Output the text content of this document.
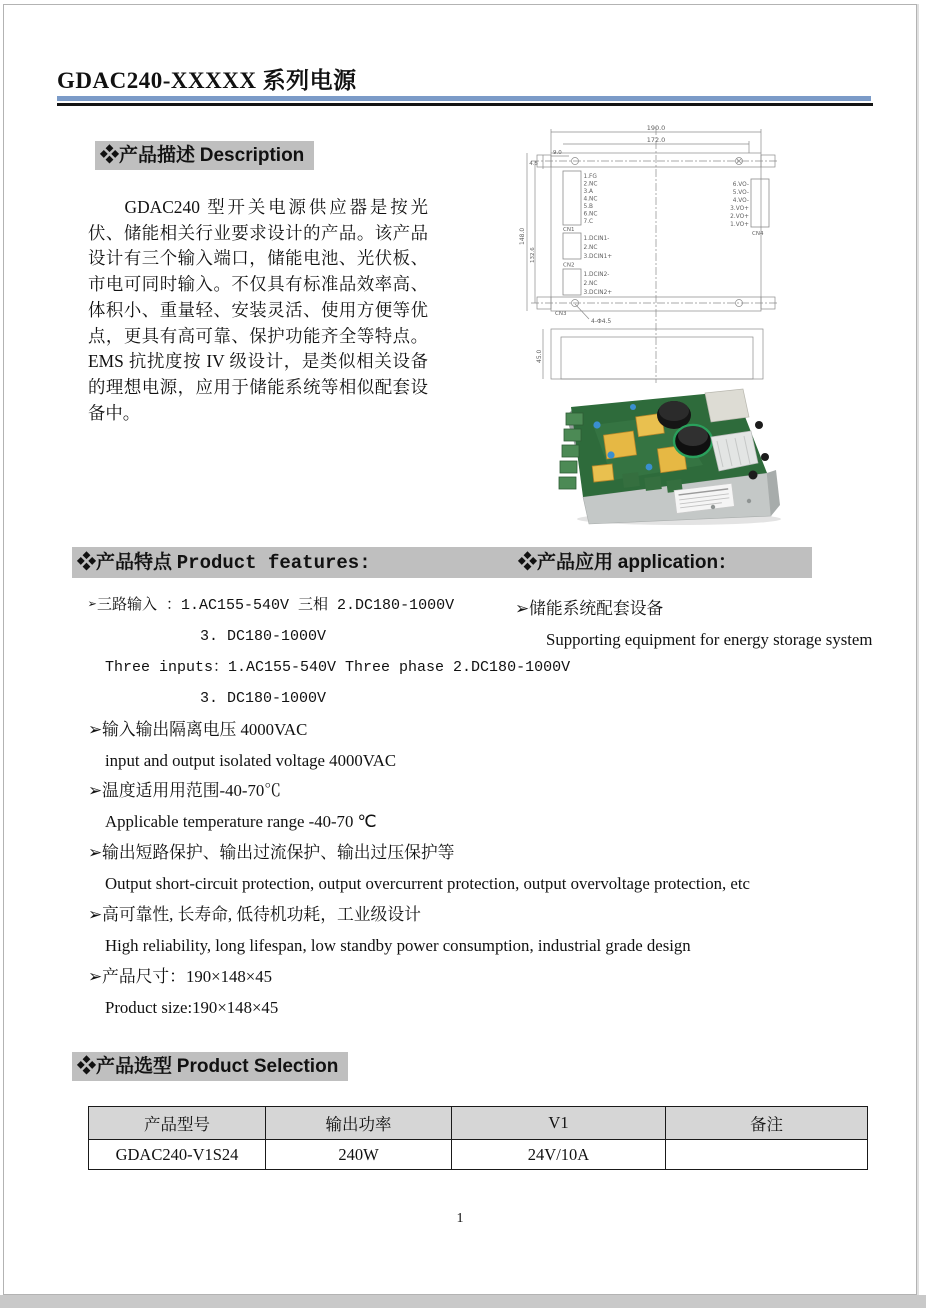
GDAC240-XXXXX 系列电源
❖产品描述 Description
GDAC240 型开关电源供应器是按光伏、储能相关行业要求设计的产品。该产品设计有三个输入端口，储能电池、光伏板、市电可同时输入。不仅具有标准品效率高、体积小、重量轻、安装灵活、使用方便等优点，更具有高可靠、保护功能齐全等特点。EMS 抗扰度按 IV 级设计，是类似相关设备的理想电源，应用于储能系统等相似配套设备中。
190.0
172.0
9.0
4.5
148.0
132.6
4-Φ4.5
45.0
1.FG
2.NC
3.A
4.NC
5.B
6.NC
7.C
CN1
1.DCIN1-
2.NC
3.DCIN1+
CN2
1.DCIN2-
2.NC
3.DCIN2+
CN3
6.VO-
5.VO-
4.VO-
3.VO+
2.VO+
1.VO+
CN4
❖产品特点 Product features:	❖产品应用 application：
➢三路输入 ：1.AC155-540V 三相 2.DC180-1000V
3. DC180-1000V
Three inputs：1.AC155-540V Three phase 2.DC180-1000V
3. DC180-1000V
➢输入输出隔离电压 4000VAC
input and output isolated voltage 4000VAC
➢温度适用用范围-40-70℃
Applicable temperature range -40-70 ℃
➢输出短路保护、输出过流保护、输出过压保护等
Output short-circuit protection, output overcurrent protection, output overvoltage protection, etc
➢高可靠性, 长寿命, 低待机功耗，工业级设计
High reliability, long lifespan, low standby power consumption, industrial grade design
➢产品尺寸：190×148×45
Product size:190×148×45
➢储能系统配套设备
Supporting equipment for energy storage system
❖产品选型 Product Selection
产品型号	输出功率	V1	备注
GDAC240-V1S24	240W	24V/10A	
1
